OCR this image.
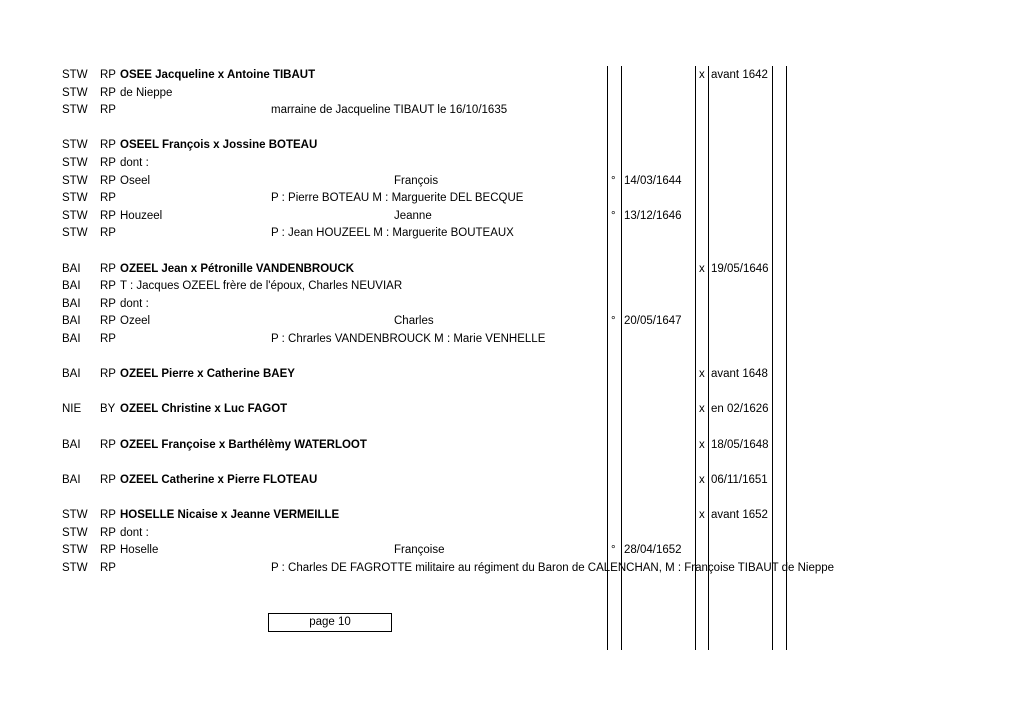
STW RP OSEE Jacqueline x Antoine TIBAUT	x avant 1642
STW RP de Nieppe
STW RP	marraine de Jacqueline TIBAUT le 16/10/1635
STW RP OSEEL François x Jossine BOTEAU
STW RP dont :
STW RP Oseel	François	° 14/03/1644
STW RP	P : Pierre BOTEAU M : Marguerite DEL BECQUE
STW RP Houzeel	Jeanne	° 13/12/1646
STW RP	P : Jean HOUZEEL M : Marguerite BOUTEAUX
BAI RP OZEEL Jean x Pétronille VANDENBROUCK	x 19/05/1646
BAI RP T : Jacques OZEEL frère de l'époux, Charles NEUVIAR
BAI RP dont :
BAI RP Ozeel	Charles	° 20/05/1647
BAI RP	P : Chrarles VANDENBROUCK M : Marie VENHELLE
BAI RP OZEEL Pierre x Catherine BAEY	x avant 1648
NIE BY OZEEL Christine x Luc FAGOT	x en 02/1626
BAI RP OZEEL Françoise x Barthélèmy WATERLOOT	x 18/05/1648
BAI RP OZEEL Catherine x Pierre FLOTEAU	x 06/11/1651
STW RP HOSELLE Nicaise x Jeanne VERMEILLE	x avant 1652
STW RP dont :
STW RP Hoselle	Françoise	° 28/04/1652
STW RP	P : Charles DE FAGROTTE militaire au régiment du Baron de CALENCHAN, M : Françoise TIBAUT de Nieppe
page 10
